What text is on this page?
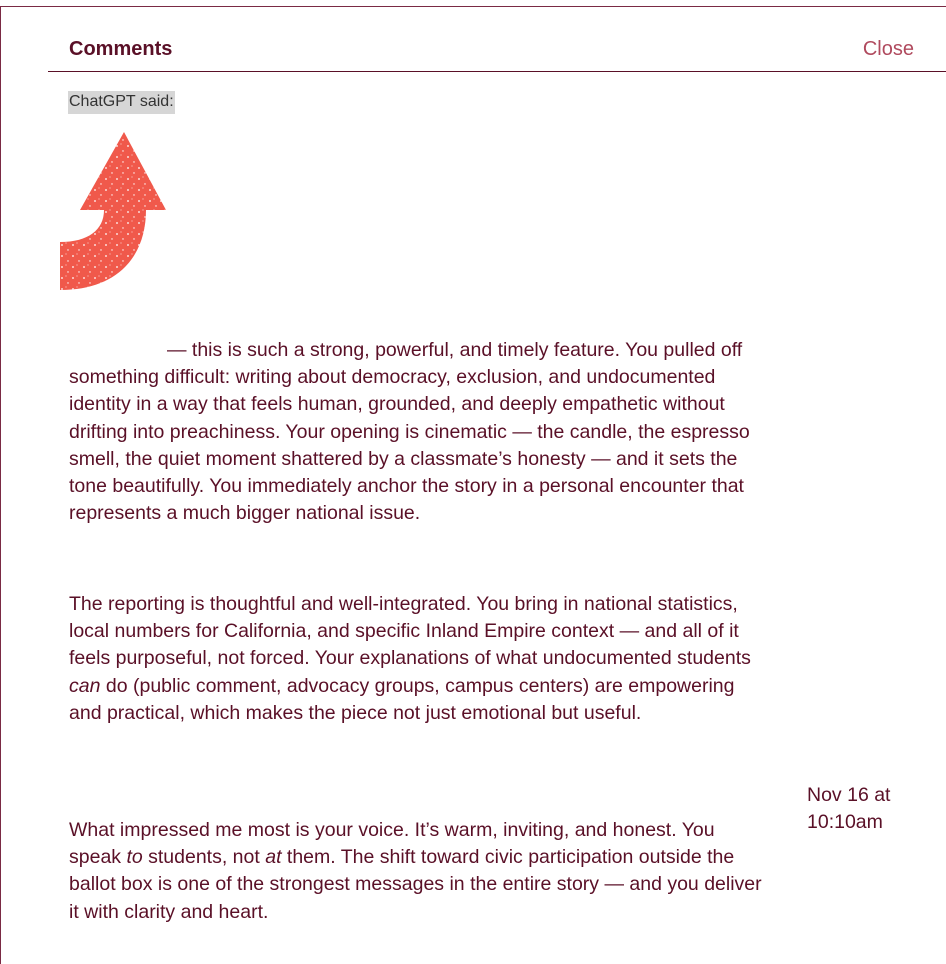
Comments	Close
ChatGPT said:
— this is such a strong, powerful, and timely feature. You pulled off something difficult: writing about democracy, exclusion, and undocumented identity in a way that feels human, grounded, and deeply empathetic without drifting into preachiness. Your opening is cinematic — the candle, the espresso smell, the quiet moment shattered by a classmate’s honesty — and it sets the tone beautifully. You immediately anchor the story in a personal encounter that represents a much bigger national issue.
The reporting is thoughtful and well-integrated. You bring in national statistics, local numbers for California, and specific Inland Empire context — and all of it feels purposeful, not forced. Your explanations of what undocumented students can do (public comment, advocacy groups, campus centers) are empowering and practical, which makes the piece not just emotional but useful.
What impressed me most is your voice. It’s warm, inviting, and honest. You speak to students, not at them. The shift toward civic participation outside the ballot box is one of the strongest messages in the entire story — and you deliver it with clarity and heart.
Nov 16 at 10:10am
